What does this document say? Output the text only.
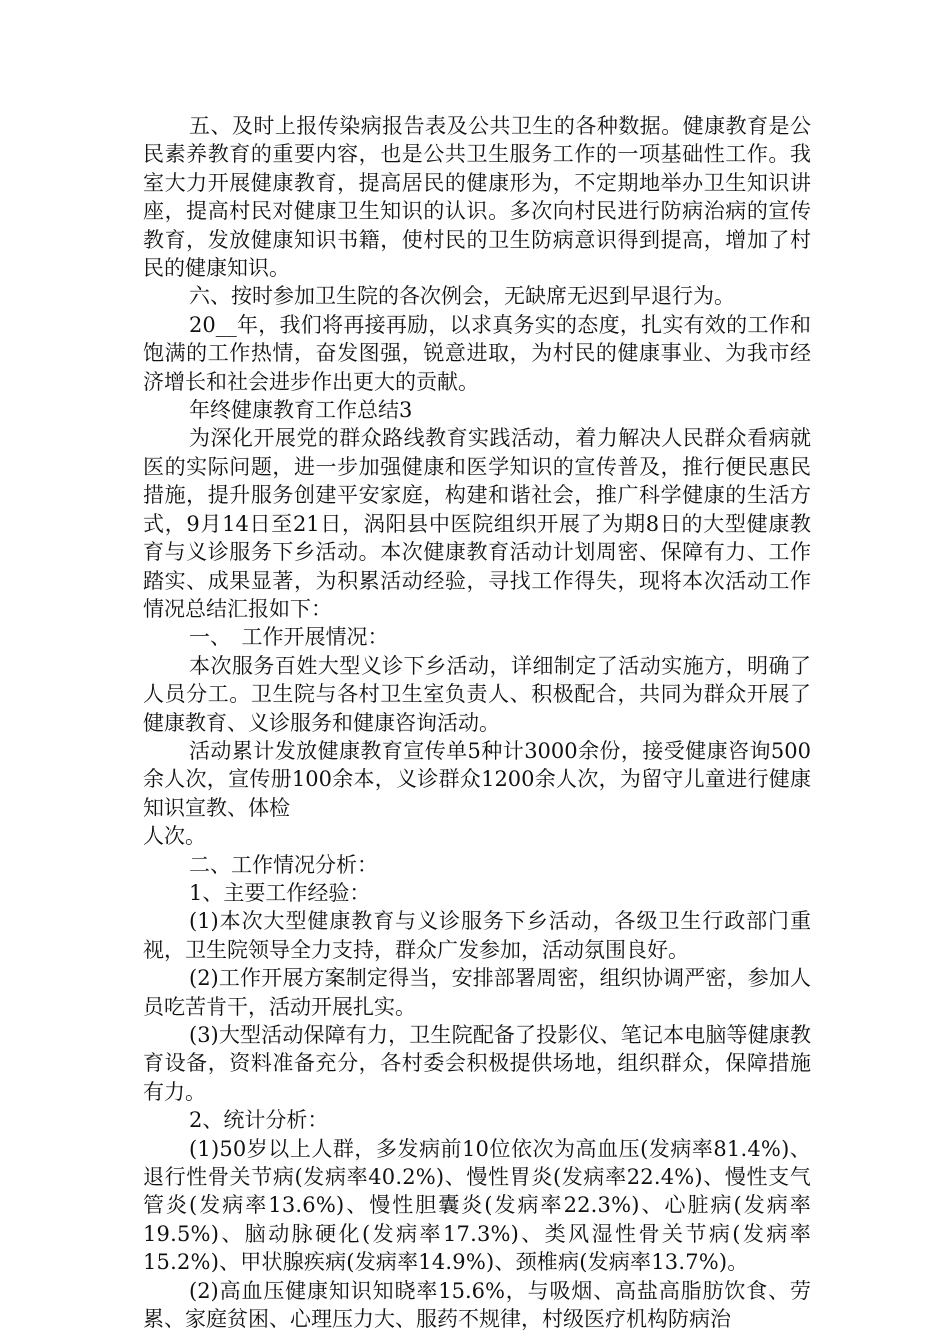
五、及时上报传染病报告表及公共卫生的各种数据。健康教育是公民素养教育的重要内容，也是公共卫生服务工作的一项基础性工作。我室大力开展健康教育，提高居民的健康形为，不定期地举办卫生知识讲座，提高村民对健康卫生知识的认识。多次向村民进行防病治病的宣传教育，发放健康知识书籍，使村民的卫生防病意识得到提高，增加了村民的健康知识。

六、按时参加卫生院的各次例会，无缺席无迟到早退行为。

20__年，我们将再接再励，以求真务实的态度，扎实有效的工作和饱满的工作热情，奋发图强，锐意进取，为村民的健康事业、为我市经济增长和社会进步作出更大的贡献。

年终健康教育工作总结3

为深化开展党的群众路线教育实践活动，着力解决人民群众看病就医的实际问题，进一步加强健康和医学知识的宣传普及，推行便民惠民措施，提升服务创建平安家庭，构建和谐社会，推广科学健康的生活方式，9月14日至21日，涡阳县中医院组织开展了为期8日的大型健康教育与义诊服务下乡活动。本次健康教育活动计划周密、保障有力、工作踏实、成果显著，为积累活动经验，寻找工作得失，现将本次活动工作情况总结汇报如下：

一、　工作开展情况：

本次服务百姓大型义诊下乡活动，详细制定了活动实施方，明确了人员分工。卫生院与各村卫生室负责人、积极配合，共同为群众开展了健康教育、义诊服务和健康咨询活动。

活动累计发放健康教育宣传单5种计3000余份，接受健康咨询500余人次，宣传册100余本，义诊群众1200余人次，为留守儿童进行健康知识宣教、体检

人次。

二、工作情况分析：

1、主要工作经验：

(1)本次大型健康教育与义诊服务下乡活动，各级卫生行政部门重视，卫生院领导全力支持，群众广发参加，活动氛围良好。

(2)工作开展方案制定得当，安排部署周密，组织协调严密，参加人员吃苦肯干，活动开展扎实。

(3)大型活动保障有力，卫生院配备了投影仪、笔记本电脑等健康教育设备，资料准备充分，各村委会积极提供场地，组织群众，保障措施有力。

2、统计分析：

(1)50岁以上人群，多发病前10位依次为高血压(发病率81.4%)、退行性骨关节病(发病率40.2%)、慢性胃炎(发病率22.4%)、慢性支气管炎(发病率13.6%)、慢性胆囊炎(发病率22.3%)、心脏病(发病率19.5%)、脑动脉硬化(发病率17.3%)、类风湿性骨关节病(发病率15.2%)、甲状腺疾病(发病率14.9%)、颈椎病(发病率13.7%)。

(2)高血压健康知识知晓率15.6%，与吸烟、高盐高脂肪饮食、劳累、家庭贫困、心理压力大、服药不规律，村级医疗机构防病治
